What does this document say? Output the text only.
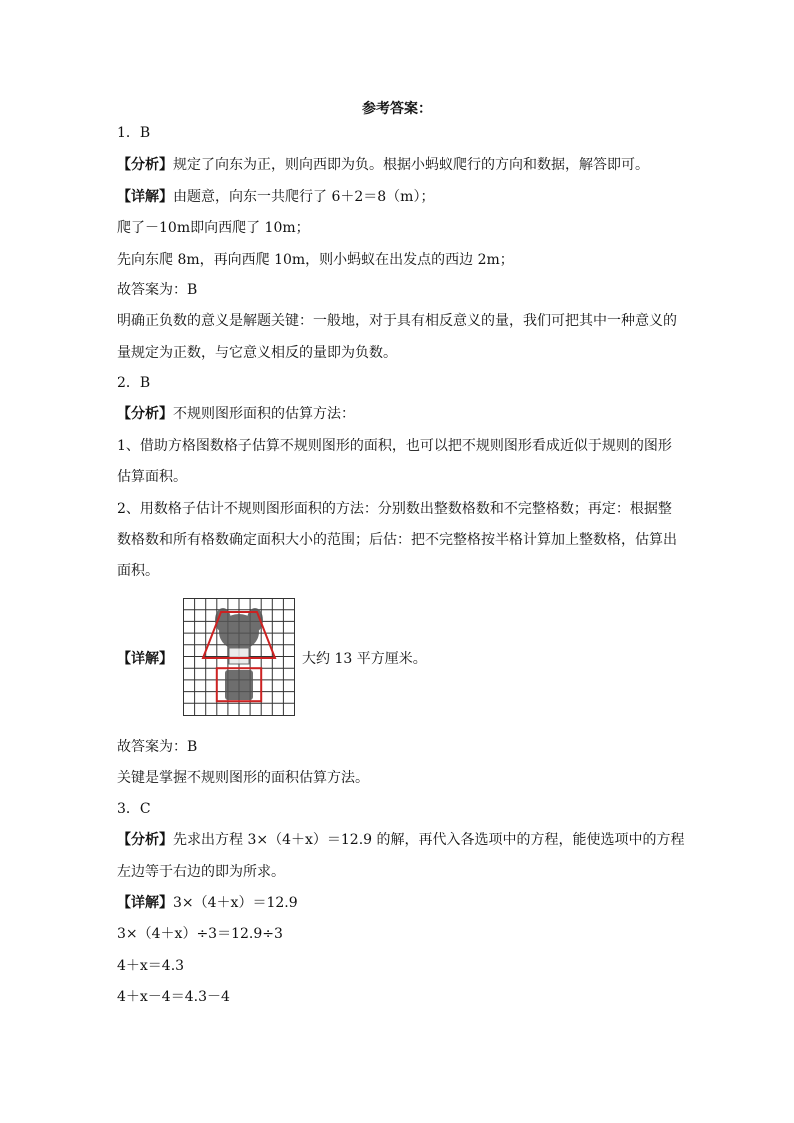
参考答案：
1．B
【分析】规定了向东为正，则向西即为负。根据小蚂蚁爬行的方向和数据，解答即可。
【详解】由题意，向东一共爬行了 6＋2＝8（m）；
爬了－10m即向西爬了 10m；
先向东爬 8m，再向西爬 10m，则小蚂蚁在出发点的西边 2m；
故答案为：B
明确正负数的意义是解题关键：一般地，对于具有相反意义的量，我们可把其中一种意义的
量规定为正数，与它意义相反的量即为负数。
2．B
【分析】不规则图形面积的估算方法：
1、借助方格图数格子估算不规则图形的面积，也可以把不规则图形看成近似于规则的图形
估算面积。
2、用数格子估计不规则图形面积的方法：分别数出整数格数和不完整格数；再定：根据整
数格数和所有格数确定面积大小的范围；后估：把不完整格按半格计算加上整数格，估算出
面积。
【详解】	大约 13 平方厘米。
故答案为：B
关键是掌握不规则图形的面积估算方法。
3．C
【分析】先求出方程 3×（4＋x）＝12.9 的解，再代入各选项中的方程，能使选项中的方程
左边等于右边的即为所求。
【详解】3×（4＋x）＝12.9
3×（4＋x）÷3＝12.9÷3
4＋x＝4.3
4＋x－4＝4.3－4
